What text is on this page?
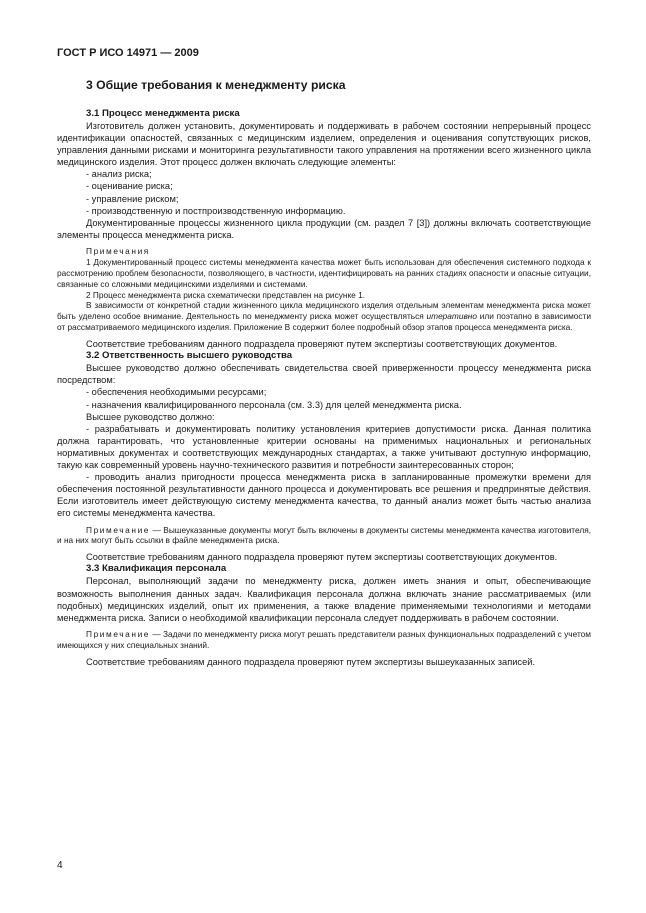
ГОСТ Р ИСО 14971 — 2009
3 Общие требования к менеджменту риска
3.1 Процесс менеджмента риска

Изготовитель должен установить, документировать и поддерживать в рабочем состоянии непрерывный процесс идентификации опасностей, связанных с медицинским изделием, определения и оценивания сопутствующих рисков, управления данными рисками и мониторинга результативности такого управления на протяжении всего жизненного цикла медицинского изделия. Этот процесс должен включать следующие элементы:

- анализ риска;

- оценивание риска;

- управление риском;

- производственную и постпроизводственную информацию.

Документированные процессы жизненного цикла продукции (см. раздел 7 [3]) должны включать соответствующие элементы процесса менеджмента риска.

Примечания

1 Документированный процесс системы менеджмента качества может быть использован для обеспечения системного подхода к рассмотрению проблем безопасности, позволяющего, в частности, идентифицировать на ранних стадиях опасности и опасные ситуации, связанные со сложными медицинскими изделиями и системами.

2 Процесс менеджмента риска схематически представлен на рисунке 1.

В зависимости от конкретной стадии жизненного цикла медицинского изделия отдельным элементам менеджмента риска может быть уделено особое внимание. Деятельность по менеджменту риска может осуществляться итеративно или поэтапно в зависимости от рассматриваемого медицинского изделия. Приложение В содержит более подробный обзор этапов процесса менеджмента риска.

Соответствие требованиям данного подраздела проверяют путем экспертизы соответствующих документов.

3.2 Ответственность высшего руководства

Высшее руководство должно обеспечивать свидетельства своей приверженности процессу менеджмента риска посредством:

- обеспечения необходимыми ресурсами;

- назначения квалифицированного персонала (см. 3.3) для целей менеджмента риска.

Высшее руководство должно:

- разрабатывать и документировать политику установления критериев допустимости риска. Данная политика должна гарантировать, что установленные критерии основаны на применимых национальных и региональных нормативных документах и соответствующих международных стандартах, а также учитывают доступную информацию, такую как современный уровень научно-технического развития и потребности заинтересованных сторон;

- проводить анализ пригодности процесса менеджмента риска в запланированные промежутки времени для обеспечения постоянной результативности данного процесса и документировать все решения и предпринятые действия. Если изготовитель имеет действующую систему менеджмента качества, то данный анализ может быть частью анализа его системы менеджмента качества.

Примечание — Вышеуказанные документы могут быть включены в документы системы менеджмента качества изготовителя, и на них могут быть ссылки в файле менеджмента риска.

Соответствие требованиям данного подраздела проверяют путем экспертизы соответствующих документов.

3.3 Квалификация персонала

Персонал, выполняющий задачи по менеджменту риска, должен иметь знания и опыт, обеспечивающие возможность выполнения данных задач. Квалификация персонала должна включать знание рассматриваемых (или подобных) медицинских изделий, опыт их применения, а также владение применяемыми технологиями и методами менеджмента риска. Записи о необходимой квалификации персонала следует поддерживать в рабочем состоянии.

Примечание — Задачи по менеджменту риска могут решать представители разных функциональных подразделений с учетом имеющихся у них специальных знаний.

Соответствие требованиям данного подраздела проверяют путем экспертизы вышеуказанных записей.

4
